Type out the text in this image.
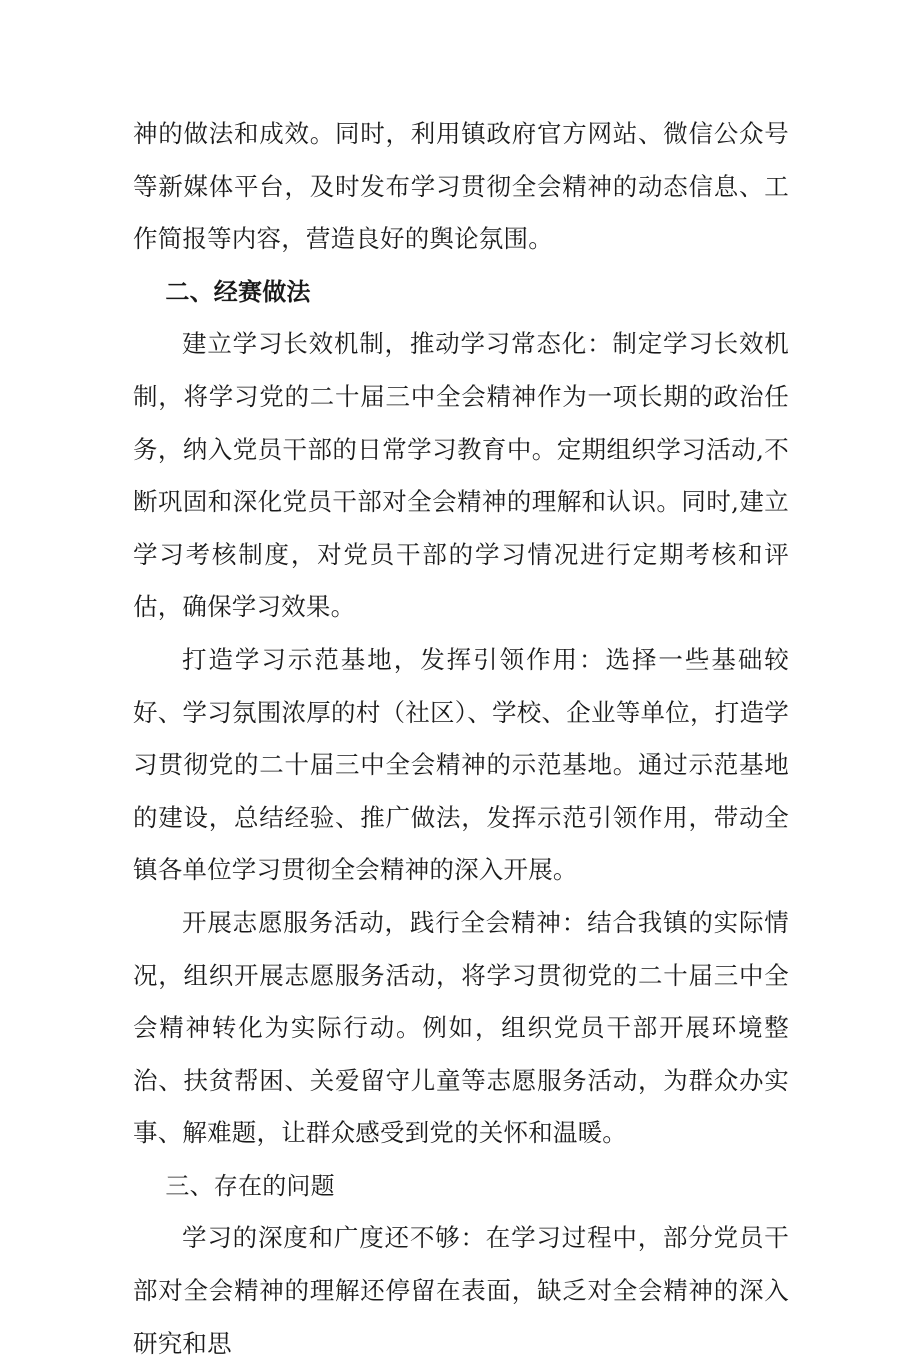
神的做法和成效。同时，利用镇政府官方网站、微信公众号等新媒体平台，及时发布学习贯彻全会精神的动态信息、工作简报等内容，营造良好的舆论氛围。

二、经赛做法

建立学习长效机制，推动学习常态化：制定学习长效机制，将学习党的二十届三中全会精神作为一项长期的政治任务，纳入党员干部的日常学习教育中。定期组织学习活动,不断巩固和深化党员干部对全会精神的理解和认识。同时,建立学习考核制度，对党员干部的学习情况进行定期考核和评估，确保学习效果。

打造学习示范基地，发挥引领作用：选择一些基础较好、学习氛围浓厚的村（社区）、学校、企业等单位，打造学习贯彻党的二十届三中全会精神的示范基地。通过示范基地的建设，总结经验、推广做法，发挥示范引领作用，带动全镇各单位学习贯彻全会精神的深入开展。

开展志愿服务活动，践行全会精神：结合我镇的实际情况，组织开展志愿服务活动，将学习贯彻党的二十届三中全会精神转化为实际行动。例如，组织党员干部开展环境整治、扶贫帮困、关爱留守儿童等志愿服务活动，为群众办实事、解难题，让群众感受到党的关怀和温暖。

三、存在的问题

学习的深度和广度还不够：在学习过程中，部分党员干部对全会精神的理解还停留在表面，缺乏对全会精神的深入研究和思
